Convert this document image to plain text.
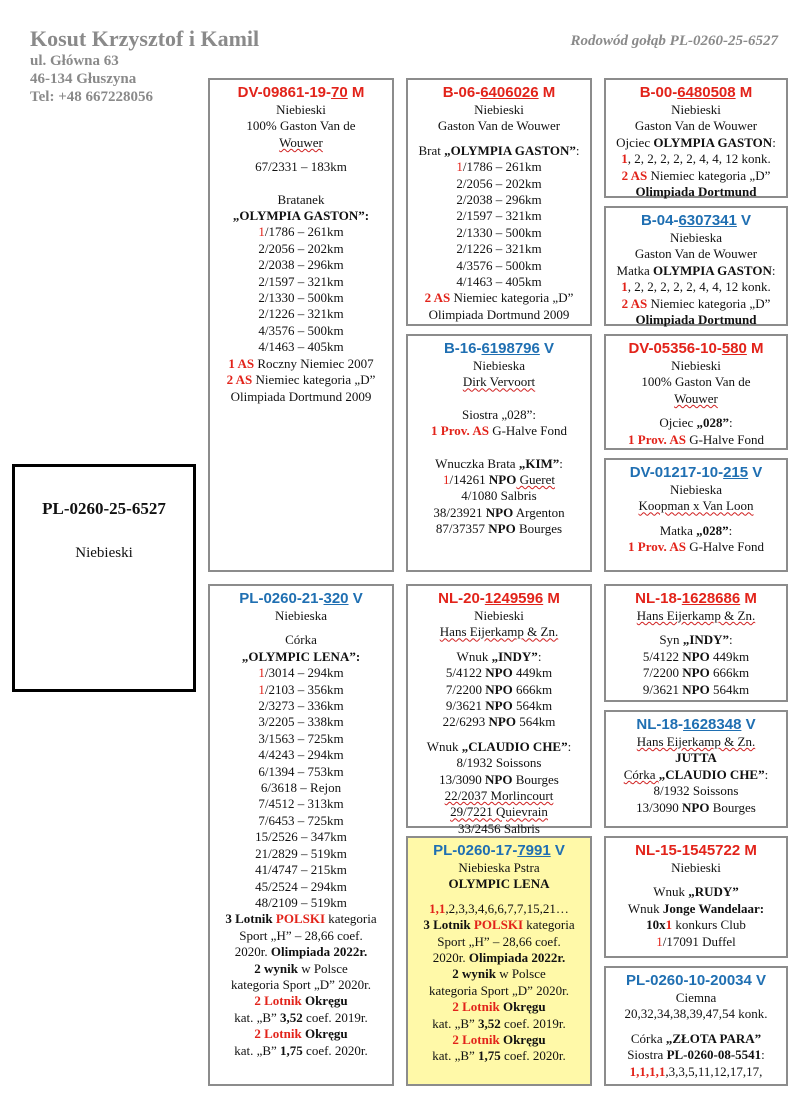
Kosut Krzysztof i Kamil
ul. Główna 63
46-134 Głuszyna
Tel: +48 667228056
Rodowód gołąb PL-0260-25-6527
PL-0260-25-6527
Niebieski
DV-09861-19-70 M
Niebieski
100% Gaston Van de
Wouwer
67/2331 – 183km
Bratanek
„OLYMPIA GASTON”:
1/1786 – 261km
2/2056 – 202km
2/2038 – 296km
2/1597 – 321km
2/1330 – 500km
2/1226 – 321km
4/3576 – 500km
4/1463 – 405km
1 AS Roczny Niemiec 2007
2 AS Niemiec kategoria „D”
Olimpiada Dortmund 2009
B-06-6406026 M
Niebieski
Gaston Van de Wouwer
Brat „OLYMPIA GASTON”:
1/1786 – 261km
2/2056 – 202km
2/2038 – 296km
2/1597 – 321km
2/1330 – 500km
2/1226 – 321km
4/3576 – 500km
4/1463 – 405km
2 AS Niemiec kategoria „D”
Olimpiada Dortmund 2009
B-00-6480508 M
Niebieski
Gaston Van de Wouwer
Ojciec OLYMPIA GASTON:
1, 2, 2, 2, 2, 2, 4, 4, 12 konk.
2 AS Niemiec kategoria „D”
Olimpiada Dortmund
B-04-6307341 V
Niebieska
Gaston Van de Wouwer
Matka OLYMPIA GASTON:
1, 2, 2, 2, 2, 2, 4, 4, 12 konk.
2 AS Niemiec kategoria „D”
Olimpiada Dortmund
B-16-6198796 V
Niebieska
Dirk Vervoort
Siostra „028”:
1 Prov. AS G-Halve Fond
Wnuczka Brata „KIM”:
1/14261 NPO Gueret
4/1080 Salbris
38/23921 NPO Argenton
87/37357 NPO Bourges
DV-05356-10-580 M
Niebieski
100% Gaston Van de
Wouwer
Ojciec „028”:
1 Prov. AS G-Halve Fond
DV-01217-10-215 V
Niebieska
Koopman x Van Loon
Matka „028”:
1 Prov. AS G-Halve Fond
PL-0260-21-320 V
Niebieska
Córka
„OLYMPIC LENA”:
1/3014 – 294km
1/2103 – 356km
2/3273 – 336km
3/2205 – 338km
3/1563 – 725km
4/4243 – 294km
6/1394 – 753km
6/3618 – Rejon
7/4512 – 313km
7/6453 – 725km
15/2526 – 347km
21/2829 – 519km
41/4747 – 215km
45/2524 – 294km
48/2109 – 519km
3 Lotnik POLSKI kategoria
Sport „H” – 28,66 coef.
2020r. Olimpiada 2022r.
2 wynik w Polsce
kategoria Sport „D” 2020r.
2 Lotnik Okręgu
kat. „B” 3,52 coef. 2019r.
2 Lotnik Okręgu
kat. „B” 1,75 coef. 2020r.
NL-20-1249596 M
Niebieski
Hans Eijerkamp & Zn.
Wnuk „INDY”:
5/4122 NPO 449km
7/2200 NPO 666km
9/3621 NPO 564km
22/6293 NPO 564km
Wnuk „CLAUDIO CHE”:
8/1932 Soissons
13/3090 NPO Bourges
22/2037 Morlincourt
29/7221 Quievrain
33/2456 Salbris
NL-18-1628686 M
Hans Eijerkamp & Zn.
Syn „INDY”:
5/4122 NPO 449km
7/2200 NPO 666km
9/3621 NPO 564km
NL-18-1628348 V
Hans Eijerkamp & Zn.
JUTTA
Córka „CLAUDIO CHE”:
8/1932 Soissons
13/3090 NPO Bourges
PL-0260-17-7991 V
Niebieska Pstra
OLYMPIC LENA
1,1,2,3,3,4,6,6,7,7,15,21…
3 Lotnik POLSKI kategoria
Sport „H” – 28,66 coef.
2020r. Olimpiada 2022r.
2 wynik w Polsce
kategoria Sport „D” 2020r.
2 Lotnik Okręgu
kat. „B” 3,52 coef. 2019r.
2 Lotnik Okręgu
kat. „B” 1,75 coef. 2020r.
NL-15-1545722 M
Niebieski
Wnuk „RUDY”
Wnuk Jonge Wandelaar:
10x1 konkurs Club
1/17091 Duffel
PL-0260-10-20034 V
Ciemna
20,32,34,38,39,47,54 konk.
Córka „ZŁOTA PARA”
Siostra PL-0260-08-5541:
1,1,1,1,3,3,5,11,12,17,17,
